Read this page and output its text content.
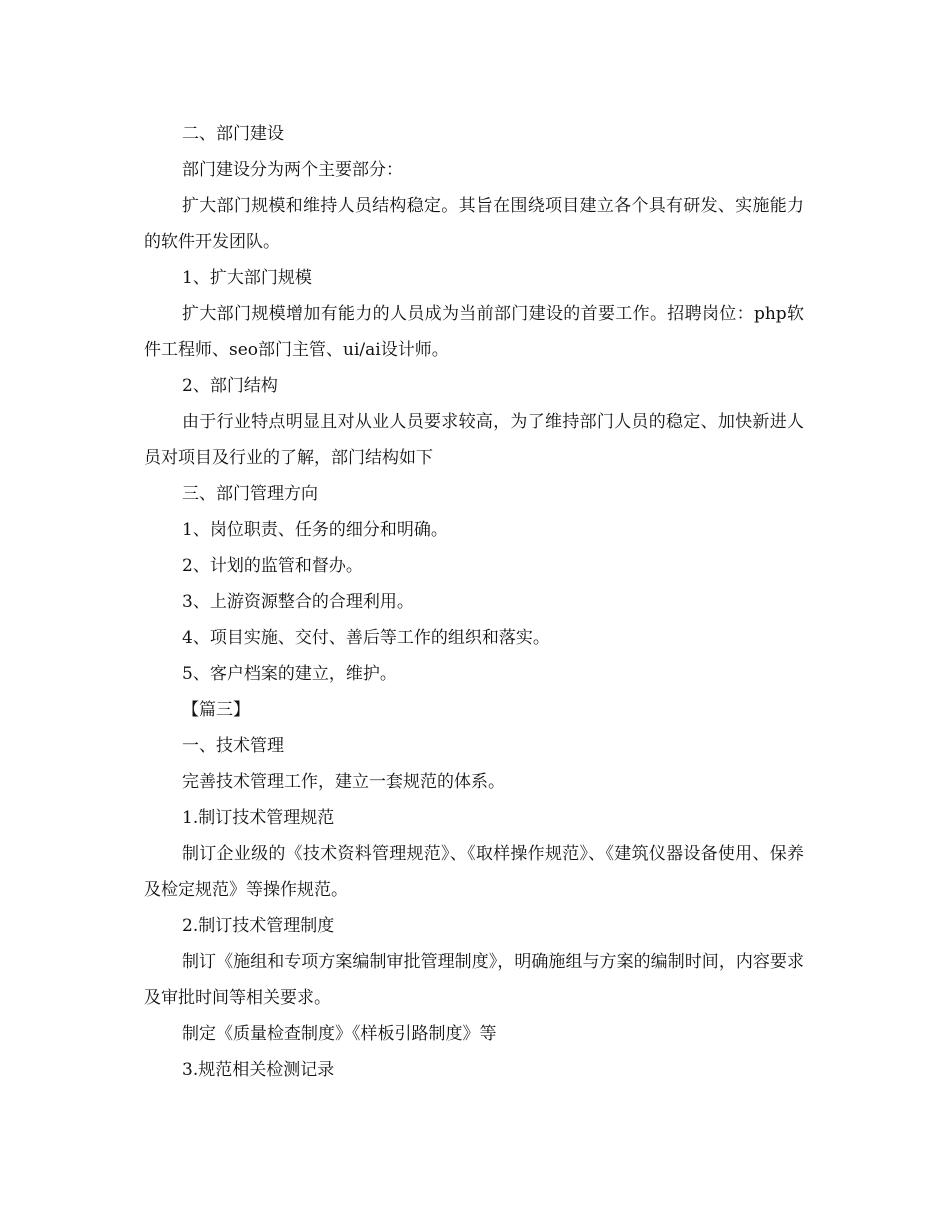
二、部门建设

部门建设分为两个主要部分：

扩大部门规模和维持人员结构稳定。其旨在围绕项目建立各个具有研发、实施能力的软件开发团队。

1、扩大部门规模

扩大部门规模增加有能力的人员成为当前部门建设的首要工作。招聘岗位：php软件工程师、seo部门主管、ui/ai设计师。

2、部门结构

由于行业特点明显且对从业人员要求较高，为了维持部门人员的稳定、加快新进人员对项目及行业的了解，部门结构如下

三、部门管理方向

1、岗位职责、任务的细分和明确。

2、计划的监管和督办。

3、上游资源整合的合理利用。

4、项目实施、交付、善后等工作的组织和落实。

5、客户档案的建立，维护。

【篇三】

一、技术管理

完善技术管理工作，建立一套规范的体系。

1.制订技术管理规范

制订企业级的《技术资料管理规范》、《取样操作规范》、《建筑仪器设备使用、保养及检定规范》等操作规范。

2.制订技术管理制度

制订《施组和专项方案编制审批管理制度》，明确施组与方案的编制时间，内容要求及审批时间等相关要求。

制定《质量检查制度》《样板引路制度》等

3.规范相关检测记录
